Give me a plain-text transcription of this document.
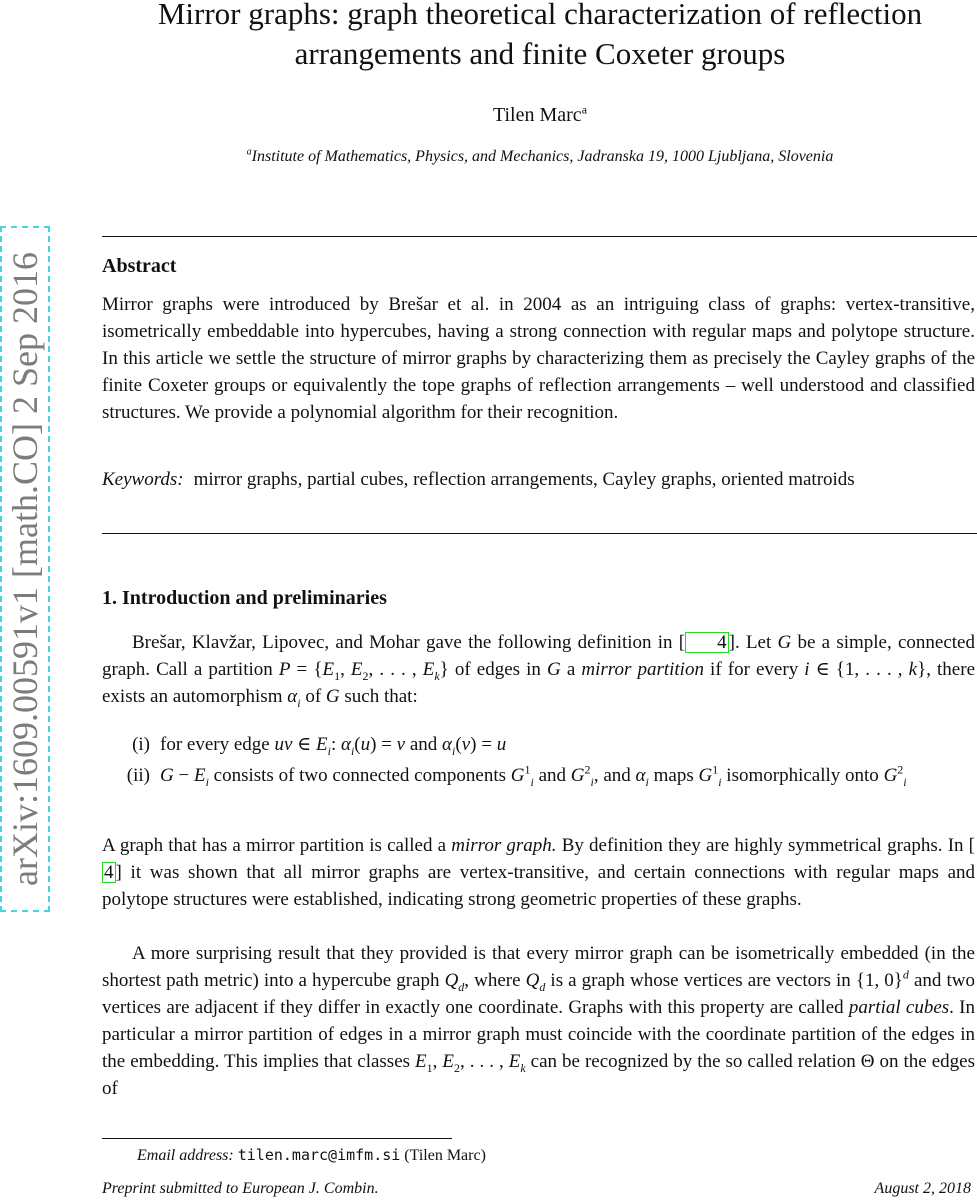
Mirror graphs: graph theoretical characterization of reflection arrangements and finite Coxeter groups
Tilen Marc$^a$
$^a$Institute of Mathematics, Physics, and Mechanics, Jadranska 19, 1000 Ljubljana, Slovenia
arXiv:1609.00591v1 [math.CO] 2 Sep 2016	Abstract
Mirror graphs were introduced by Brešar et al. in 2004 as an intriguing class of graphs: vertex-transitive, isometrically embeddable into hypercubes, having a strong connection with regular maps and polytope structure. In this article we settle the structure of mirror graphs by characterizing them as precisely the Cayley graphs of the finite Coxeter groups or equivalently the tope graphs of reflection arrangements – well understood and classified structures. We provide a polynomial algorithm for their recognition.
Keywords: mirror graphs, partial cubes, reflection arrangements, Cayley graphs, oriented matroids
1. Introduction and preliminaries
Brešar, Klavžar, Lipovec, and Mohar gave the following definition in [ 4 ]. Let G be a simple, connected graph. Call a partition $P = \{E_1$, $E_2$, . . . , $E_k$} of edges in G a mirror partition if for every i ∈ {1, . . . , k}, there exists an automorphism $\alpha_i$ of G such that:
(i) for every edge uv ∈ $E_i$: $\alpha_i(u) = v$ and $\alpha_i(v) = u$
(ii) $G - E_i$ consists of two connected components $G^1_i$ and $G^2_i$, and $\alpha_i$ maps $G^1_i$ isomorphically onto $G^2_i$
A graph that has a mirror partition is called a mirror graph. By definition they are highly symmetrical graphs. In [4 ] it was shown that all mirror graphs are vertex-transitive, and certain connections with regular maps and polytope structures were established, indicating strong geometric properties of these graphs.
A more surprising result that they provided is that every mirror graph can be isometrically embedded (in the shortest path metric) into a hypercube graph $Q_d$, where $Q_d$ is a graph whose vertices are vectors in {1, 0}$^d$ and two vertices are adjacent if they differ in exactly one coordinate. Graphs with this property are called partial cubes. In particular a mirror partition of edges in a mirror graph must coincide with the coordinate partition of the edges in the embedding. This implies that classes $E_1$, $E_2$, . . . , $E_k$ can be recognized by the so called relation Θ on the edges of
Email address: tilen.marc@imfm.si (Tilen Marc)
Preprint submitted to European J. Combin.	August 2, 2018
